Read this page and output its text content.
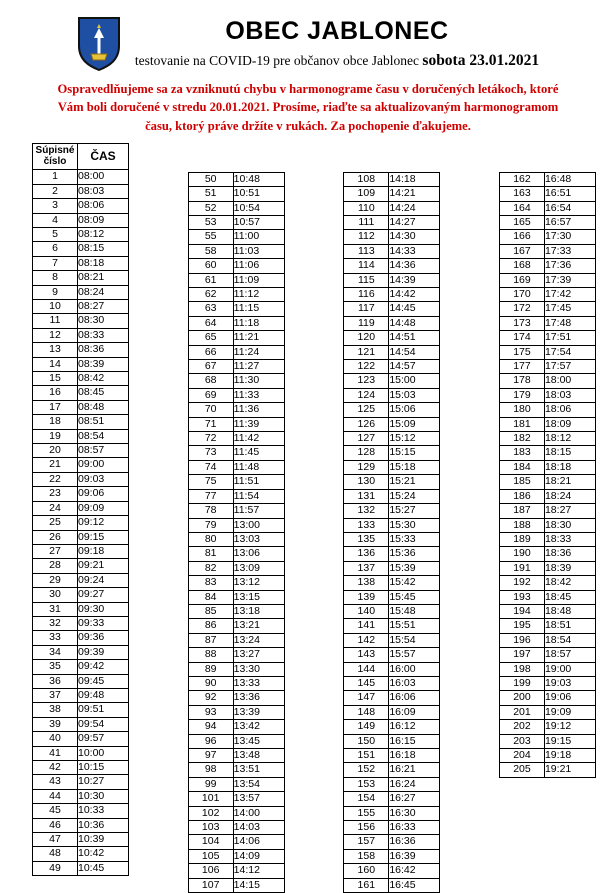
OBEC JABLONEC
testovanie na COVID-19 pre občanov obce Jablonec sobota 23.01.2021
Ospravedlňujeme sa za vzniknutú chybu v harmonograme času v doručených letákoch, ktoré
Vám boli doručené v stredu 20.01.2021. Prosíme, riaďte sa aktualizovaným harmonogramom
času, ktorý práve držíte v rukách. Za pochopenie ďakujeme.
Súpisné
číslo	ČAS
1	08:00
2	08:03
3	08:06
4	08:09
5	08:12
6	08:15
7	08:18
8	08:21
9	08:24
10	08:27
11	08:30
12	08:33
13	08:36
14	08:39
15	08:42
16	08:45
17	08:48
18	08:51
19	08:54
20	08:57
21	09:00
22	09:03
23	09:06
24	09:09
25	09:12
26	09:15
27	09:18
28	09:21
29	09:24
30	09:27
31	09:30
32	09:33
33	09:36
34	09:39
35	09:42
36	09:45
37	09:48
38	09:51
39	09:54
40	09:57
41	10:00
42	10:15
43	10:27
44	10:30
45	10:33
46	10:36
47	10:39
48	10:42
49	10:45
50	10:48
51	10:51
52	10:54
53	10:57
55	11:00
58	11:03
60	11:06
61	11:09
62	11:12
63	11:15
64	11:18
65	11:21
66	11:24
67	11:27
68	11:30
69	11:33
70	11:36
71	11:39
72	11:42
73	11:45
74	11:48
75	11:51
77	11:54
78	11:57
79	13:00
80	13:03
81	13:06
82	13:09
83	13:12
84	13:15
85	13:18
86	13:21
87	13:24
88	13:27
89	13:30
90	13:33
92	13:36
93	13:39
94	13:42
96	13:45
97	13:48
98	13:51
99	13:54
101	13:57
102	14:00
103	14:03
104	14:06
105	14:09
106	14:12
107	14:15
108	14:18
109	14:21
110	14:24
111	14:27
112	14:30
113	14:33
114	14:36
115	14:39
116	14:42
117	14:45
119	14:48
120	14:51
121	14:54
122	14:57
123	15:00
124	15:03
125	15:06
126	15:09
127	15:12
128	15:15
129	15:18
130	15:21
131	15:24
132	15:27
133	15:30
135	15:33
136	15:36
137	15:39
138	15:42
139	15:45
140	15:48
141	15:51
142	15:54
143	15:57
144	16:00
145	16:03
147	16:06
148	16:09
149	16:12
150	16:15
151	16:18
152	16:21
153	16:24
154	16:27
155	16:30
156	16:33
157	16:36
158	16:39
160	16:42
161	16:45
162	16:48
163	16:51
164	16:54
165	16:57
166	17:30
167	17:33
168	17:36
169	17:39
170	17:42
172	17:45
173	17:48
174	17:51
175	17:54
177	17:57
178	18:00
179	18:03
180	18:06
181	18:09
182	18:12
183	18:15
184	18:18
185	18:21
186	18:24
187	18:27
188	18:30
189	18:33
190	18:36
191	18:39
192	18:42
193	18:45
194	18:48
195	18:51
196	18:54
197	18:57
198	19:00
199	19:03
200	19:06
201	19:09
202	19:12
203	19:15
204	19:18
205	19:21
